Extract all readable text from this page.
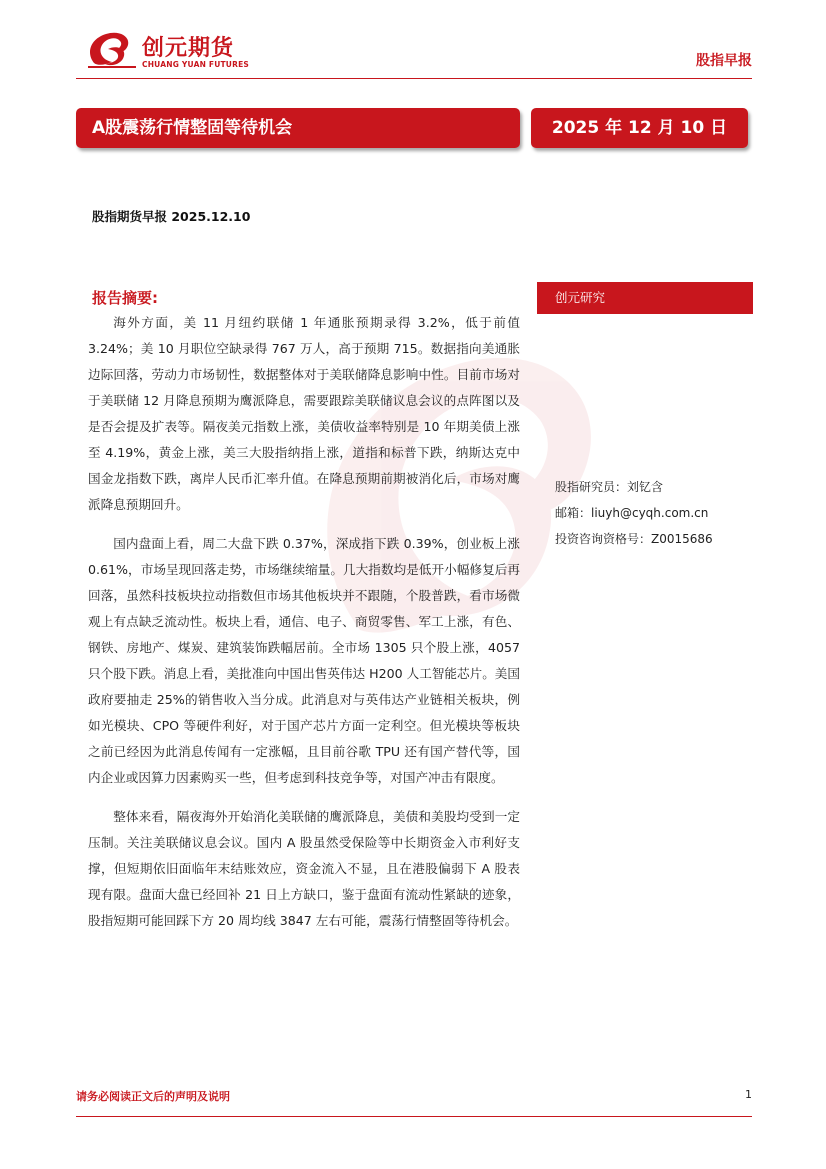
创元期货
CHUANG YUAN FUTURES	股指早报
A股震荡行情整固等待机会	2025 年 12 月 10 日
股指期货早报 2025.12.10
报告摘要:

海外方面，美 11 月纽约联储 1 年通胀预期录得 3.2%，低于前值 3.24%；美 10 月职位空缺录得 767 万人，高于预期 715。数据指向美通胀边际回落，劳动力市场韧性，数据整体对于美联储降息影响中性。目前市场对于美联储 12 月降息预期为鹰派降息，需要跟踪美联储议息会议的点阵图以及是否会提及扩表等。隔夜美元指数上涨，美债收益率特别是 10 年期美债上涨至 4.19%，黄金上涨，美三大股指纳指上涨，道指和标普下跌，纳斯达克中国金龙指数下跌，离岸人民币汇率升值。在降息预期前期被消化后，市场对鹰派降息预期回升。

国内盘面上看，周二大盘下跌 0.37%，深成指下跌 0.39%，创业板上涨 0.61%，市场呈现回落走势，市场继续缩量。几大指数均是低开小幅修复后再回落，虽然科技板块拉动指数但市场其他板块并不跟随，个股普跌，看市场微观上有点缺乏流动性。板块上看，通信、电子、商贸零售、军工上涨，有色、钢铁、房地产、煤炭、建筑装饰跌幅居前。全市场 1305 只个股上涨，4057 只个股下跌。消息上看，美批准向中国出售英伟达 H200 人工智能芯片。美国政府要抽走 25%的销售收入当分成。此消息对与英伟达产业链相关板块，例如光模块、CPO 等硬件利好，对于国产芯片方面一定利空。但光模块等板块之前已经因为此消息传闻有一定涨幅，且目前谷歌 TPU 还有国产替代等，国内企业或因算力因素购买一些，但考虑到科技竞争等，对国产冲击有限度。

整体来看，隔夜海外开始消化美联储的鹰派降息，美债和美股均受到一定压制。关注美联储议息会议。国内 A 股虽然受保险等中长期资金入市利好支撑，但短期依旧面临年末结账效应，资金流入不显，且在港股偏弱下 A 股表现有限。盘面大盘已经回补 21 日上方缺口，鉴于盘面有流动性紧缺的迹象，股指短期可能回踩下方 20 周均线 3847 左右可能，震荡行情整固等待机会。

创元研究
股指研究员：刘钇含
邮箱：liuyh@cyqh.com.cn
投资咨询资格号：Z0015686
请务必阅读正文后的声明及说明	1
